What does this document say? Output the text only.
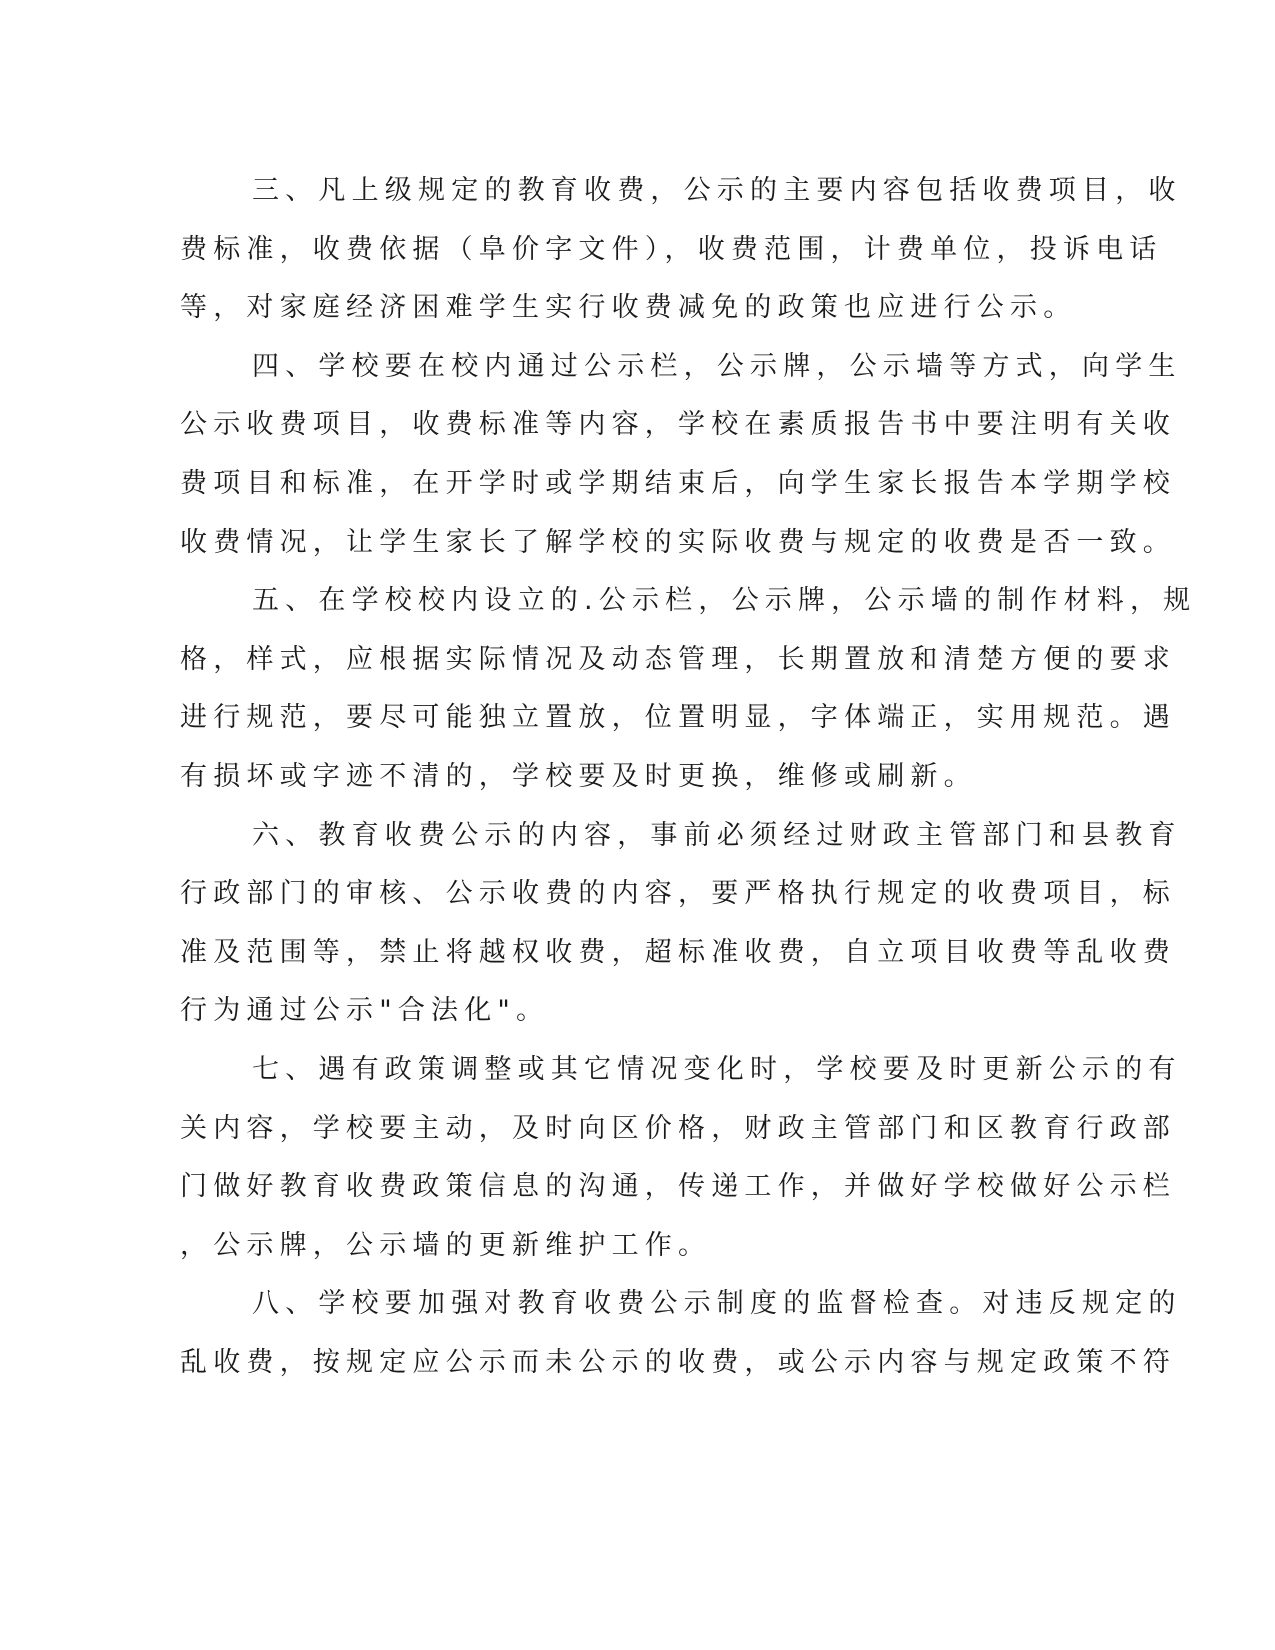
三、凡上级规定的教育收费，公示的主要内容包括收费项目，收
费标准，收费依据（阜价字文件），收费范围，计费单位，投诉电话
等，对家庭经济困难学生实行收费减免的政策也应进行公示。
四、学校要在校内通过公示栏，公示牌，公示墙等方式，向学生
公示收费项目，收费标准等内容，学校在素质报告书中要注明有关收
费项目和标准，在开学时或学期结束后，向学生家长报告本学期学校
收费情况，让学生家长了解学校的实际收费与规定的收费是否一致。
五、在学校校内设立的.公示栏，公示牌，公示墙的制作材料，规
格，样式，应根据实际情况及动态管理，长期置放和清楚方便的要求
进行规范，要尽可能独立置放，位置明显，字体端正，实用规范。遇
有损坏或字迹不清的，学校要及时更换，维修或刷新。
六、教育收费公示的内容，事前必须经过财政主管部门和县教育
行政部门的审核、公示收费的内容，要严格执行规定的收费项目，标
准及范围等，禁止将越权收费，超标准收费，自立项目收费等乱收费
行为通过公示"合法化"。
七、遇有政策调整或其它情况变化时，学校要及时更新公示的有
关内容，学校要主动，及时向区价格，财政主管部门和区教育行政部
门做好教育收费政策信息的沟通，传递工作，并做好学校做好公示栏
，公示牌，公示墙的更新维护工作。
八、学校要加强对教育收费公示制度的监督检查。对违反规定的
乱收费，按规定应公示而未公示的收费，或公示内容与规定政策不符
